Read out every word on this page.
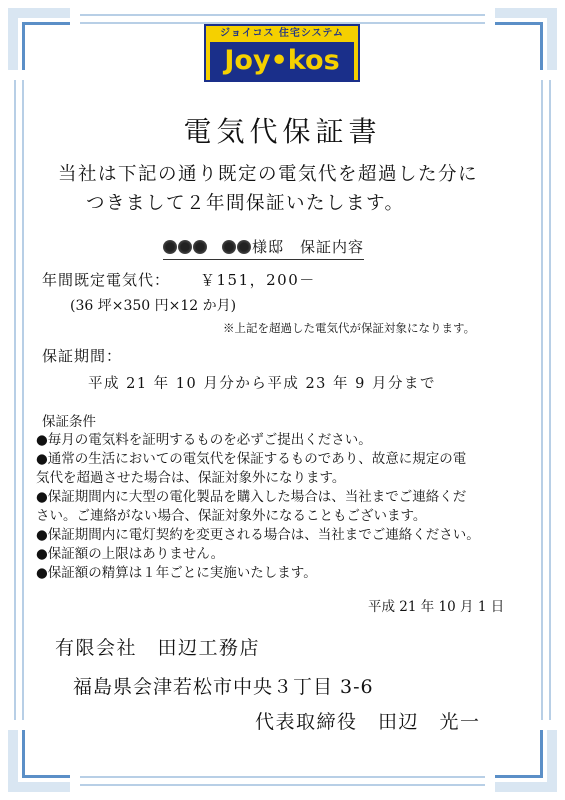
ジョイコス 住宅システム
Joy•kos
電気代保証書
当社は下記の通り既定の電気代を超過した分に
つきまして２年間保証いたします。
様邸　保証内容
年間既定電気代： ￥151，200－
(36 坪×350 円×12 か月)
※上記を超過した電気代が保証対象になります。
保証期間：
平成 21 年 10 月分から平成 23 年 9 月分まで
保証条件
●毎月の電気料を証明するものを必ずご提出ください。
●通常の生活においての電気代を保証するものであり、故意に規定の電
気代を超過させた場合は、保証対象外になります。
●保証期間内に大型の電化製品を購入した場合は、当社までご連絡くだ
さい。ご連絡がない場合、保証対象外になることもございます。
●保証期間内に電灯契約を変更される場合は、当社までご連絡ください。
●保証額の上限はありません。
●保証額の精算は１年ごとに実施いたします。
平成 21 年 10 月 1 日
有限会社　田辺工務店
福島県会津若松市中央３丁目 3-6
代表取締役　田辺　光一
